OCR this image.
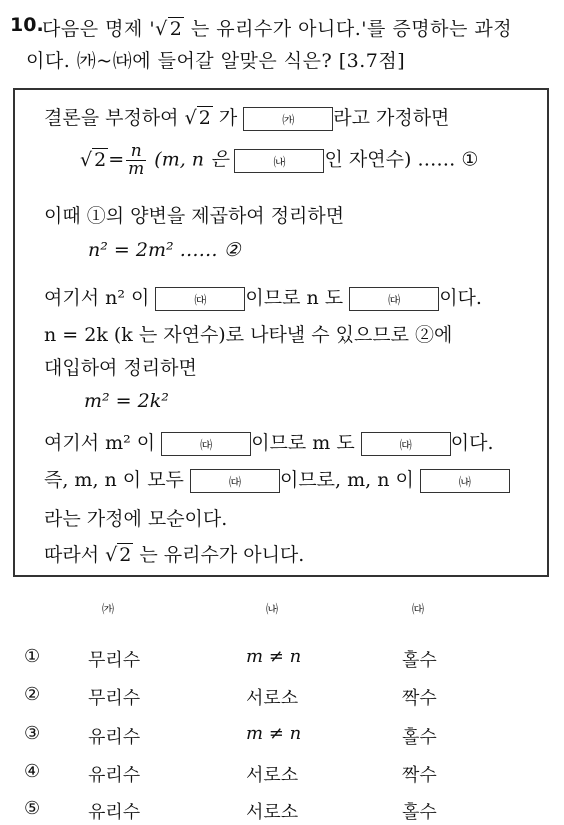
10.
다음은 명제 '√ 2 는 유리수가 아니다.'를 증명하는 과정
이다. ㈎~㈐에 들어갈 알맞은 식은? [3.7점]
결론을 부정하여 √ 2 가	㈎ 라고 가정하면
√ $2 = \frac{n}{m} (m$, n 은	㈏ 인 자연수) …… ①
이때 ①의 양변을 제곱하여 정리하면
n² = 2m² …… ②
여기서 n² 이	㈐ 이므로 n 도	㈐ 이다.
n = 2k (k 는 자연수)로 나타낼 수 있으므로 ②에
대입하여 정리하면
m² = 2k²
여기서 m² 이	㈐ 이므로 m 도	㈐ 이다.
즉, m, n 이 모두	㈐ 이므로, m, n 이	㈏
라는 가정에 모순이다.
따라서 √ 2 는 유리수가 아니다.
㈎	㈏	㈐
①	무리수	m ≠ n	홀수
②	무리수	서로소	짝수
③	유리수	m ≠ n	홀수
④	유리수	서로소	짝수
⑤	유리수	서로소	홀수
